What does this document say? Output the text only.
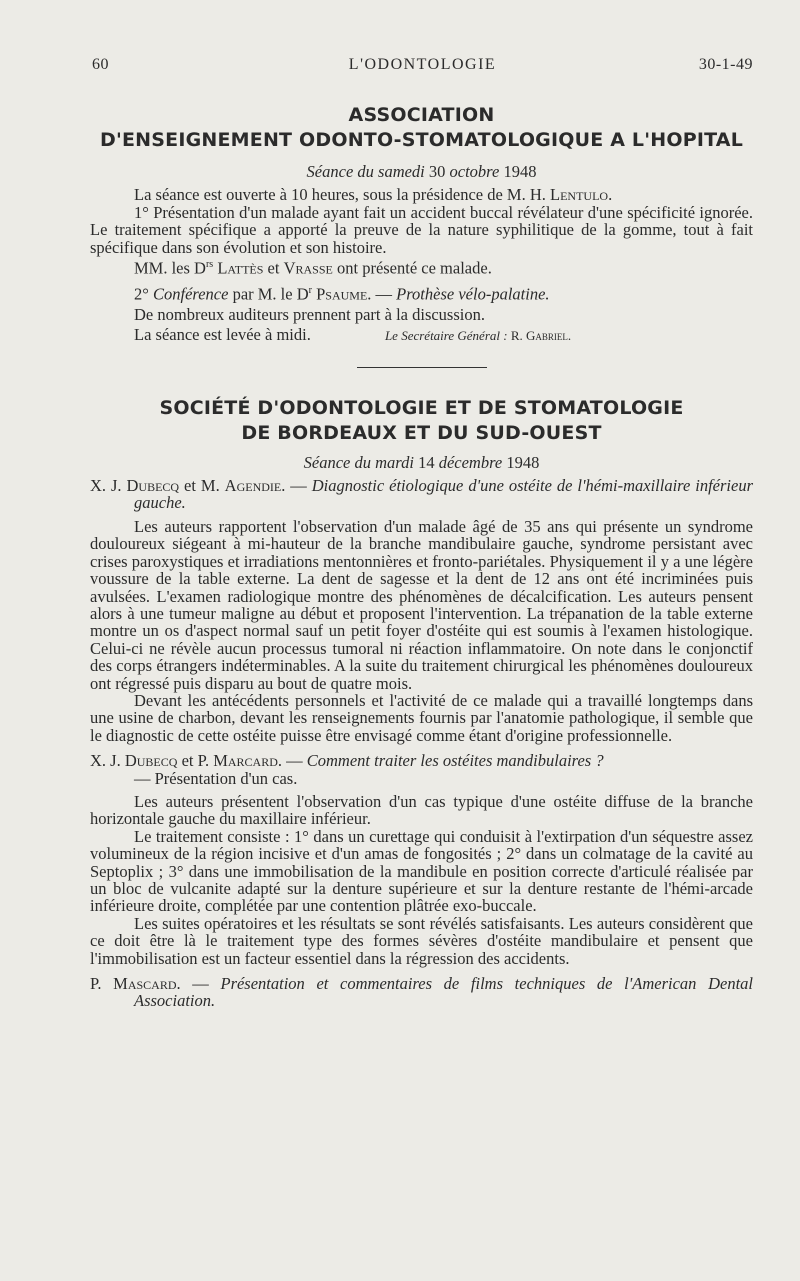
60	L'ODONTOLOGIE	30-1-49
ASSOCIATION
D'ENSEIGNEMENT ODONTO-STOMATOLOGIQUE A L'HOPITAL

Séance du samedi 30 octobre 1948

La séance est ouverte à 10 heures, sous la présidence de M. H. Lentulo.

1° Présentation d'un malade ayant fait un accident buccal révélateur d'une spécificité ignorée. Le traitement spécifique a apporté la preuve de la nature syphilitique de la gomme, tout à fait spécifique dans son évolution et son histoire.

MM. les $D^{rs}$ Lattès et Vrasse ont présenté ce malade.

2° Conférence par M. le $D^r$ Psaume. — Prothèse vélo-palatine.

De nombreux auditeurs prennent part à la discussion.

La séance est levée à midi.	Le Secrétaire Général : R. Gabriel.

SOCIÉTÉ D'ODONTOLOGIE ET DE STOMATOLOGIE
DE BORDEAUX ET DU SUD-OUEST

Séance du mardi 14 décembre 1948

X. J. Dubecq et M. Agendie. — Diagnostic étiologique d'une ostéite de l'hémi-maxillaire inférieur gauche.

Les auteurs rapportent l'observation d'un malade âgé de 35 ans qui présente un syndrome douloureux siégeant à mi-hauteur de la branche mandibulaire gauche, syndrome persistant avec crises paroxystiques et irradiations mentonnières et fronto-pariétales. Physiquement il y a une légère voussure de la table externe. La dent de sagesse et la dent de 12 ans ont été incriminées puis avulsées. L'examen radiologique montre des phénomènes de décalcification. Les auteurs pensent alors à une tumeur maligne au début et proposent l'intervention. La trépanation de la table externe montre un os d'aspect normal sauf un petit foyer d'ostéite qui est soumis à l'examen histologique. Celui-ci ne révèle aucun processus tumoral ni réaction inflammatoire. On note dans le conjonctif des corps étrangers indéterminables. A la suite du traitement chirurgical les phénomènes douloureux ont régressé puis disparu au bout de quatre mois.

Devant les antécédents personnels et l'activité de ce malade qui a travaillé longtemps dans une usine de charbon, devant les renseignements fournis par l'anatomie pathologique, il semble que le diagnostic de cette ostéite puisse être envisagé comme étant d'origine professionnelle.

X. J. Dubecq et P. Marcard. — Comment traiter les ostéites mandibulaires ?
— Présentation d'un cas.

Les auteurs présentent l'observation d'un cas typique d'une ostéite diffuse de la branche horizontale gauche du maxillaire inférieur.

Le traitement consiste : 1° dans un curettage qui conduisit à l'extirpation d'un séquestre assez volumineux de la région incisive et d'un amas de fongosités ; 2° dans un colmatage de la cavité au Septoplix ; 3° dans une immobilisation de la mandibule en position correcte d'articulé réalisée par un bloc de vulcanite adapté sur la denture supérieure et sur la denture restante de l'hémi-arcade inférieure droite, complétée par une contention plâtrée exo-buccale.

Les suites opératoires et les résultats se sont révélés satisfaisants. Les auteurs considèrent que ce doit être là le traitement type des formes sévères d'ostéite mandibulaire et pensent que l'immobilisation est un facteur essentiel dans la régression des accidents.

P. Mascard. — Présentation et commentaires de films techniques de l'American Dental Association.
